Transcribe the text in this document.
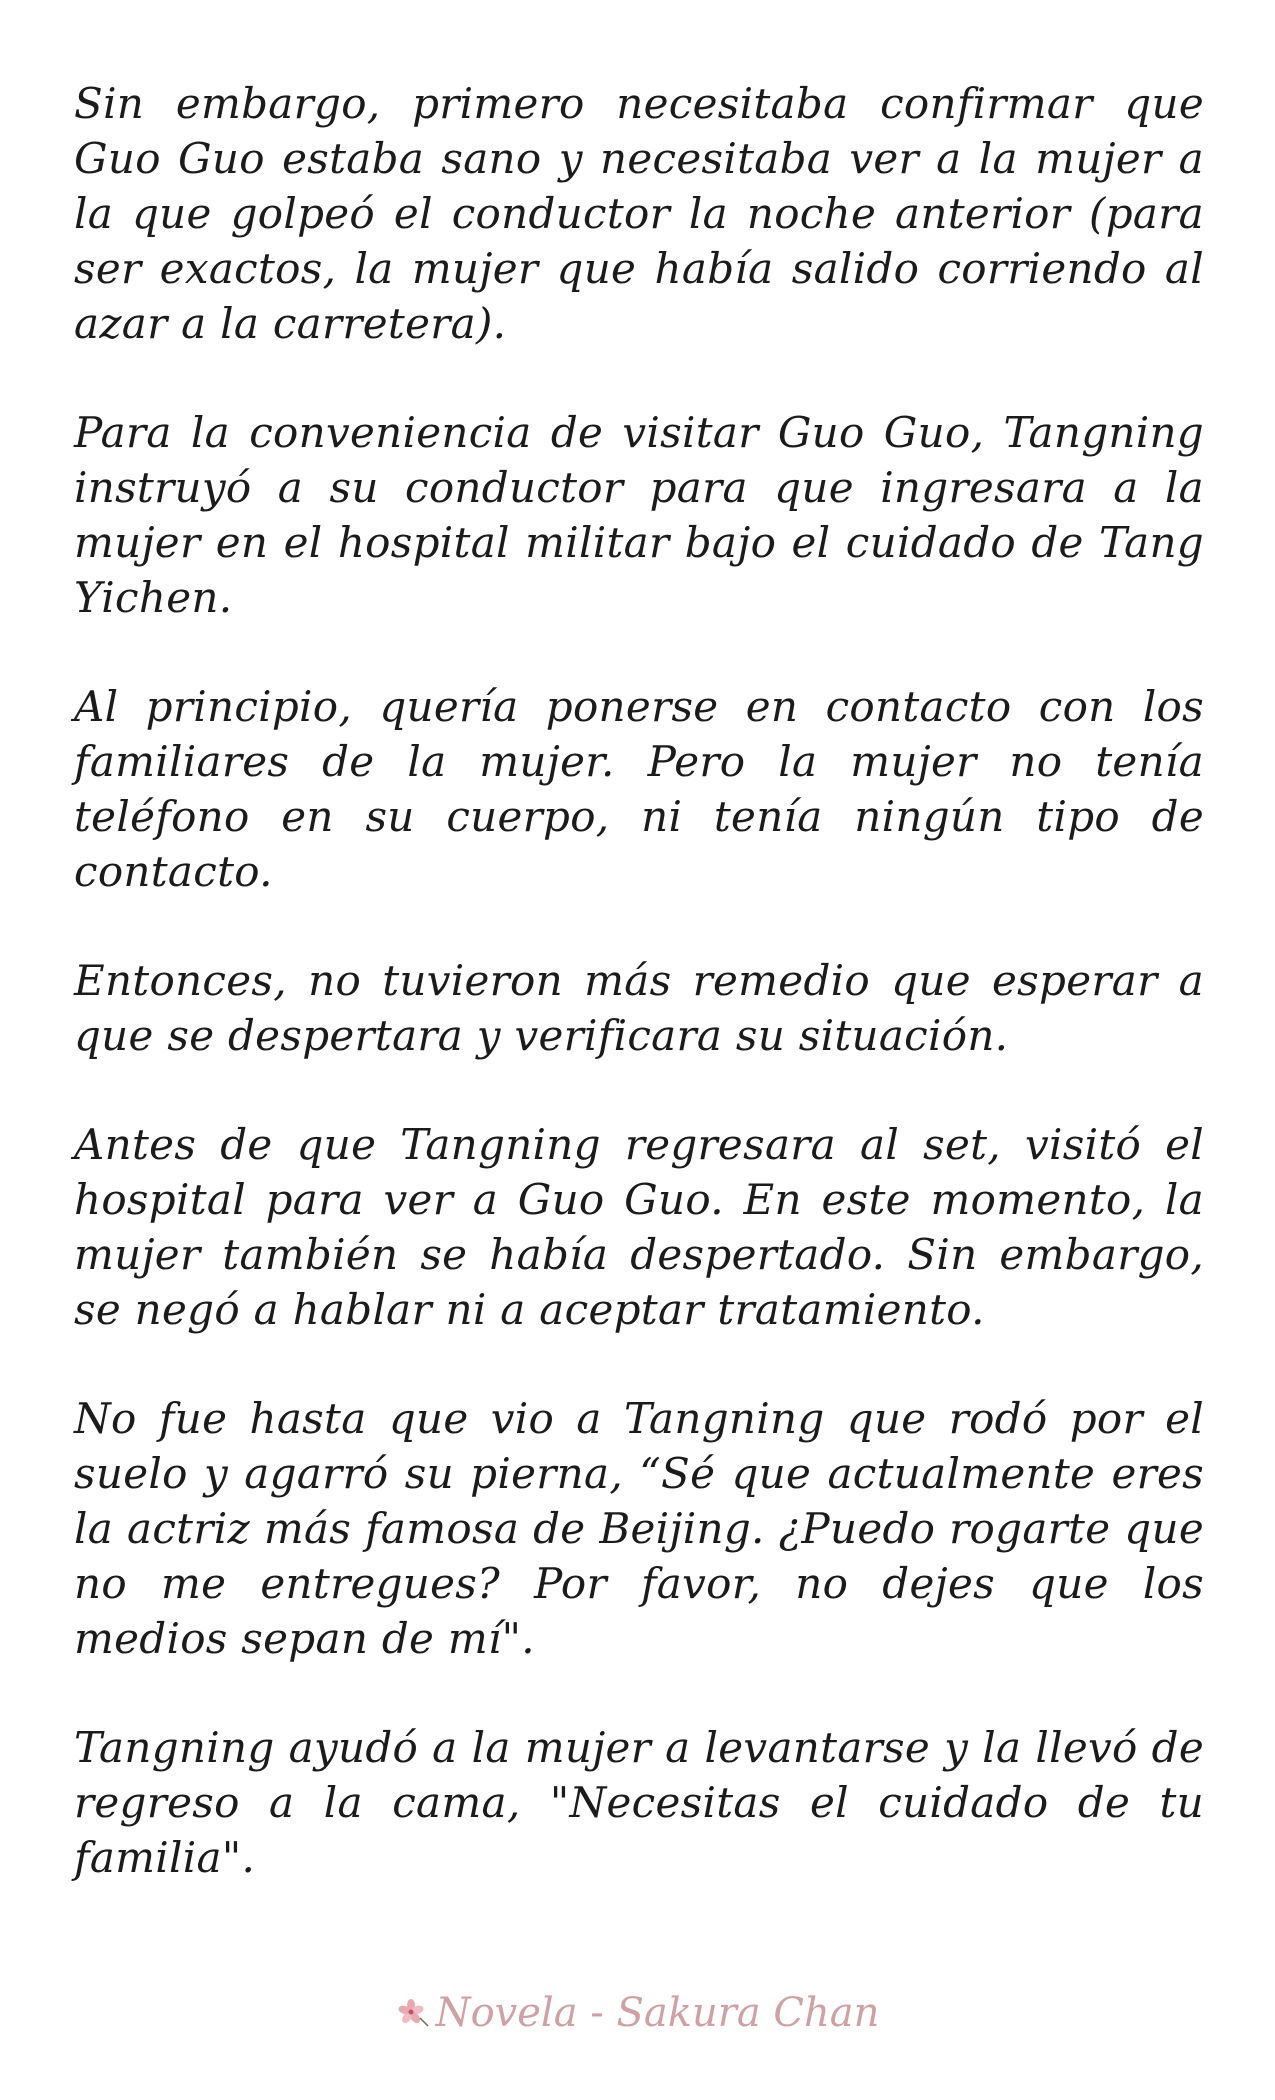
Sin embargo, primero necesitaba confirmar que Guo Guo estaba sano y necesitaba ver a la mujer a la que golpeó el conductor la noche anterior (para ser exactos, la mujer que había salido corriendo al azar a la carretera).

Para la conveniencia de visitar Guo Guo, Tangning instruyó a su conductor para que ingresara a la mujer en el hospital militar bajo el cuidado de Tang Yichen.

Al principio, quería ponerse en contacto con los familiares de la mujer. Pero la mujer no tenía teléfono en su cuerpo, ni tenía ningún tipo de contacto.

Entonces, no tuvieron más remedio que esperar a que se despertara y verificara su situación.

Antes de que Tangning regresara al set, visitó el hospital para ver a Guo Guo. En este momento, la mujer también se había despertado. Sin embargo, se negó a hablar ni a aceptar tratamiento.

No fue hasta que vio a Tangning que rodó por el suelo y agarró su pierna, “Sé que actualmente eres la actriz más famosa de Beijing. ¿Puedo rogarte que no me entregues? Por favor, no dejes que los medios sepan de mí".

Tangning ayudó a la mujer a levantarse y la llevó de regreso a la cama, "Necesitas el cuidado de tu familia".

Novela - Sakura Chan
